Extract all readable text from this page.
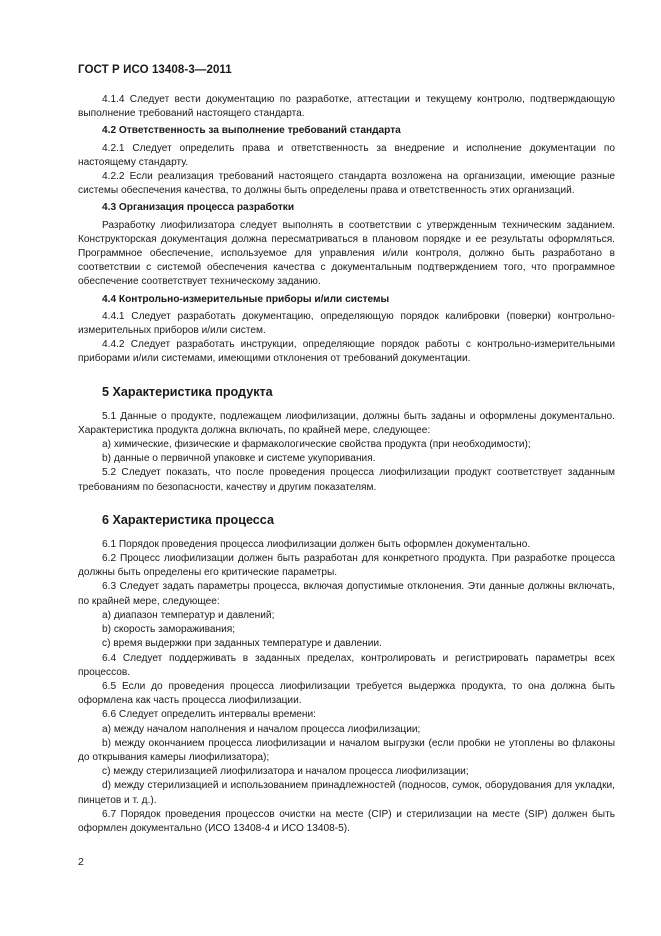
ГОСТ Р ИСО 13408-3—2011

4.1.4 Следует вести документацию по разработке, аттестации и текущему контролю, подтверждающую выполнение требований настоящего стандарта.

4.2 Ответственность за выполнение требований стандарта

4.2.1 Следует определить права и ответственность за внедрение и исполнение документации по настоящему стандарту.

4.2.2 Если реализация требований настоящего стандарта возложена на организации, имеющие разные системы обеспечения качества, то должны быть определены права и ответственность этих организаций.

4.3 Организация процесса разработки

Разработку лиофилизатора следует выполнять в соответствии с утвержденным техническим заданием. Конструкторская документация должна пересматриваться в плановом порядке и ее результаты оформляться. Программное обеспечение, используемое для управления и/или контроля, должно быть разработано в соответствии с системой обеспечения качества с документальным подтверждением того, что программное обеспечение соответствует техническому заданию.

4.4 Контрольно-измерительные приборы и/или системы

4.4.1 Следует разработать документацию, определяющую порядок калибровки (поверки) контрольно-измерительных приборов и/или систем.

4.4.2 Следует разработать инструкции, определяющие порядок работы с контрольно-измерительными приборами и/или системами, имеющими отклонения от требований документации.

5 Характеристика продукта

5.1 Данные о продукте, подлежащем лиофилизации, должны быть заданы и оформлены документально. Характеристика продукта должна включать, по крайней мере, следующее:

a) химические, физические и фармакологические свойства продукта (при необходимости);

b) данные о первичной упаковке и системе укупоривания.

5.2 Следует показать, что после проведения процесса лиофилизации продукт соответствует заданным требованиям по безопасности, качеству и другим показателям.

6 Характеристика процесса

6.1 Порядок проведения процесса лиофилизации должен быть оформлен документально.

6.2 Процесс лиофилизации должен быть разработан для конкретного продукта. При разработке процесса должны быть определены его критические параметры.

6.3 Следует задать параметры процесса, включая допустимые отклонения. Эти данные должны включать, по крайней мере, следующее:

a) диапазон температур и давлений;

b) скорость замораживания;

c) время выдержки при заданных температуре и давлении.

6.4 Следует поддерживать в заданных пределах, контролировать и регистрировать параметры всех процессов.

6.5 Если до проведения процесса лиофилизации требуется выдержка продукта, то она должна быть оформлена как часть процесса лиофилизации.

6.6 Следует определить интервалы времени:

a) между началом наполнения и началом процесса лиофилизации;

b) между окончанием процесса лиофилизации и началом выгрузки (если пробки не утоплены во флаконы до открывания камеры лиофилизатора);

c) между стерилизацией лиофилизатора и началом процесса лиофилизации;

d) между стерилизацией и использованием принадлежностей (подносов, сумок, оборудования для укладки, пинцетов и т. д.).

6.7 Порядок проведения процессов очистки на месте (CIP) и стерилизации на месте (SIP) должен быть оформлен документально (ИСО 13408-4 и ИСО 13408-5).

2
